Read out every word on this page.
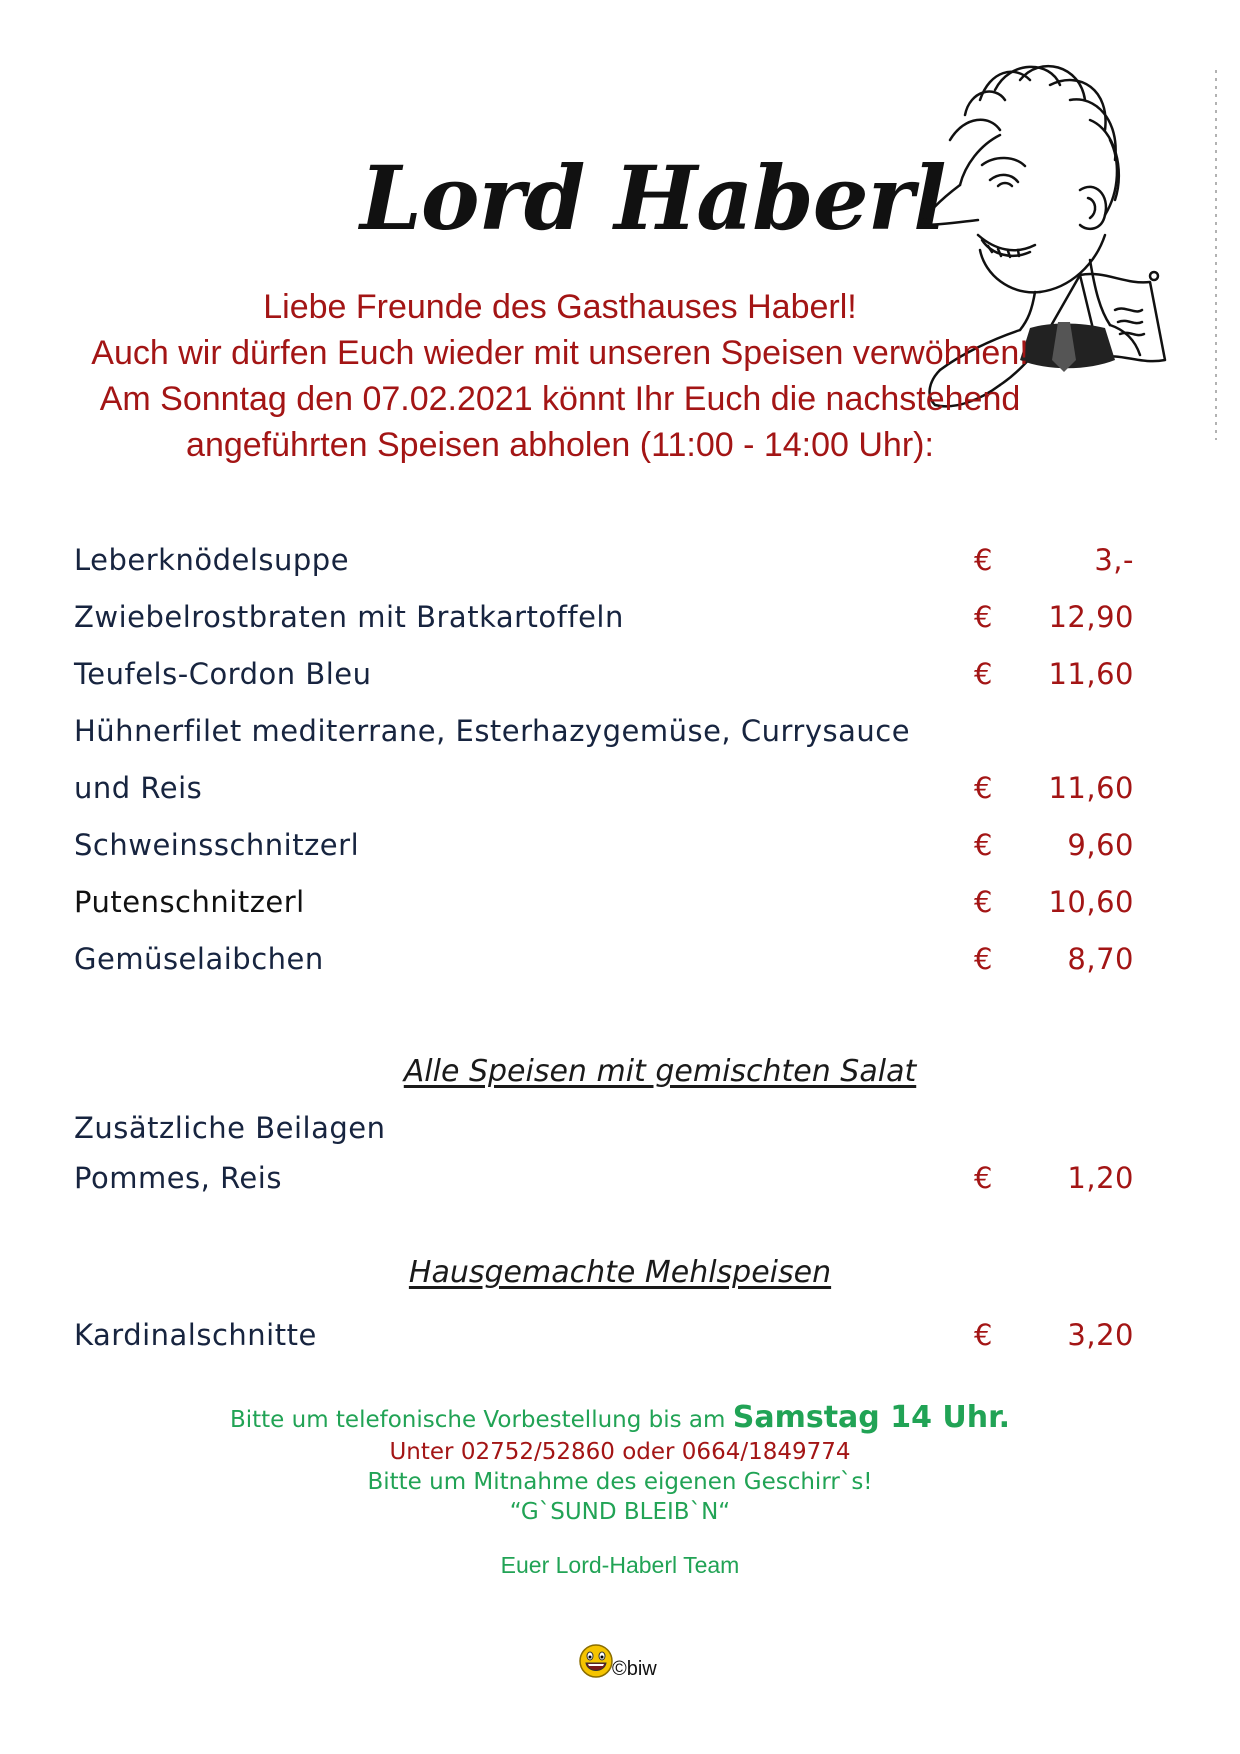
Lord Haberl
Liebe Freunde des Gasthauses Haberl!
Auch wir dürfen Euch wieder mit unseren Speisen verwöhnen!
Am Sonntag den 07.02.2021 könnt Ihr Euch die nachstehend
angeführten Speisen abholen (11:00 - 14:00 Uhr):
Leberknödelsuppe	€	3,-
Zwiebelrostbraten mit Bratkartoffeln	€	12,90
Teufels-Cordon Bleu	€	11,60
Hühnerfilet mediterrane, Esterhazygemüse, Currysauce
und Reis	€	11,60
Schweinsschnitzerl	€	9,60
Putenschnitzerl	€	10,60
Gemüselaibchen	€	8,70
Alle Speisen mit gemischten Salat
Zusätzliche Beilagen
Pommes, Reis	€	1,20
Hausgemachte Mehlspeisen
Kardinalschnitte	€	3,20
Bitte um telefonische Vorbestellung bis am Samstag 14 Uhr.
Unter 02752/52860 oder 0664/1849774
Bitte um Mitnahme des eigenen Geschirr`s!
“G`SUND BLEIB`N“
Euer Lord-Haberl Team
©biw
